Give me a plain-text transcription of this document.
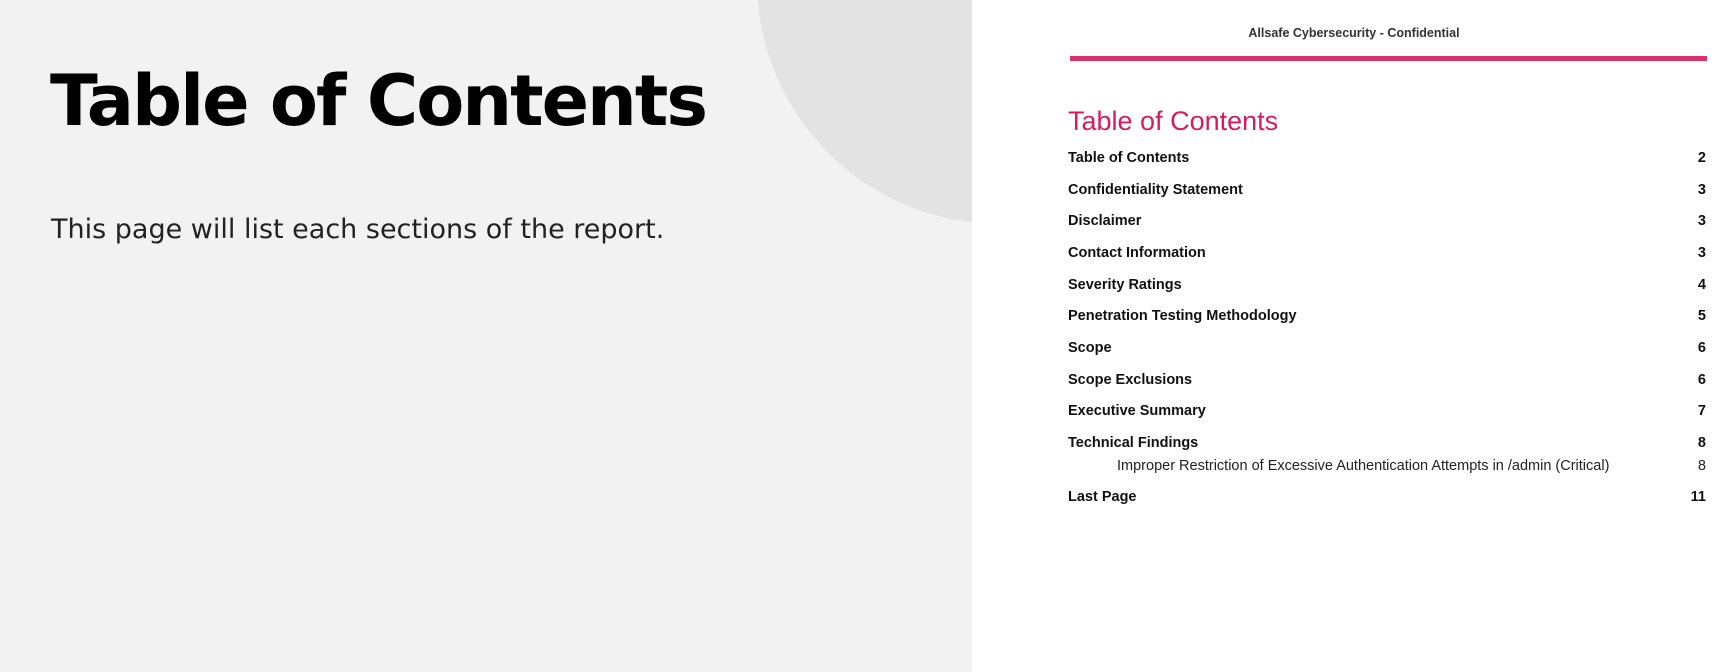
Table of Contents

This page will list each sections of the report.

Allsafe Cybersecurity - Confidential
Table of Contents
Table of Contents	2
Confidentiality Statement	3
Disclaimer	3
Contact Information	3
Severity Ratings	4
Penetration Testing Methodology	5
Scope	6
Scope Exclusions	6
Executive Summary	7
Technical Findings	8
Improper Restriction of Excessive Authentication Attempts in /admin (Critical)	8
Last Page	11
